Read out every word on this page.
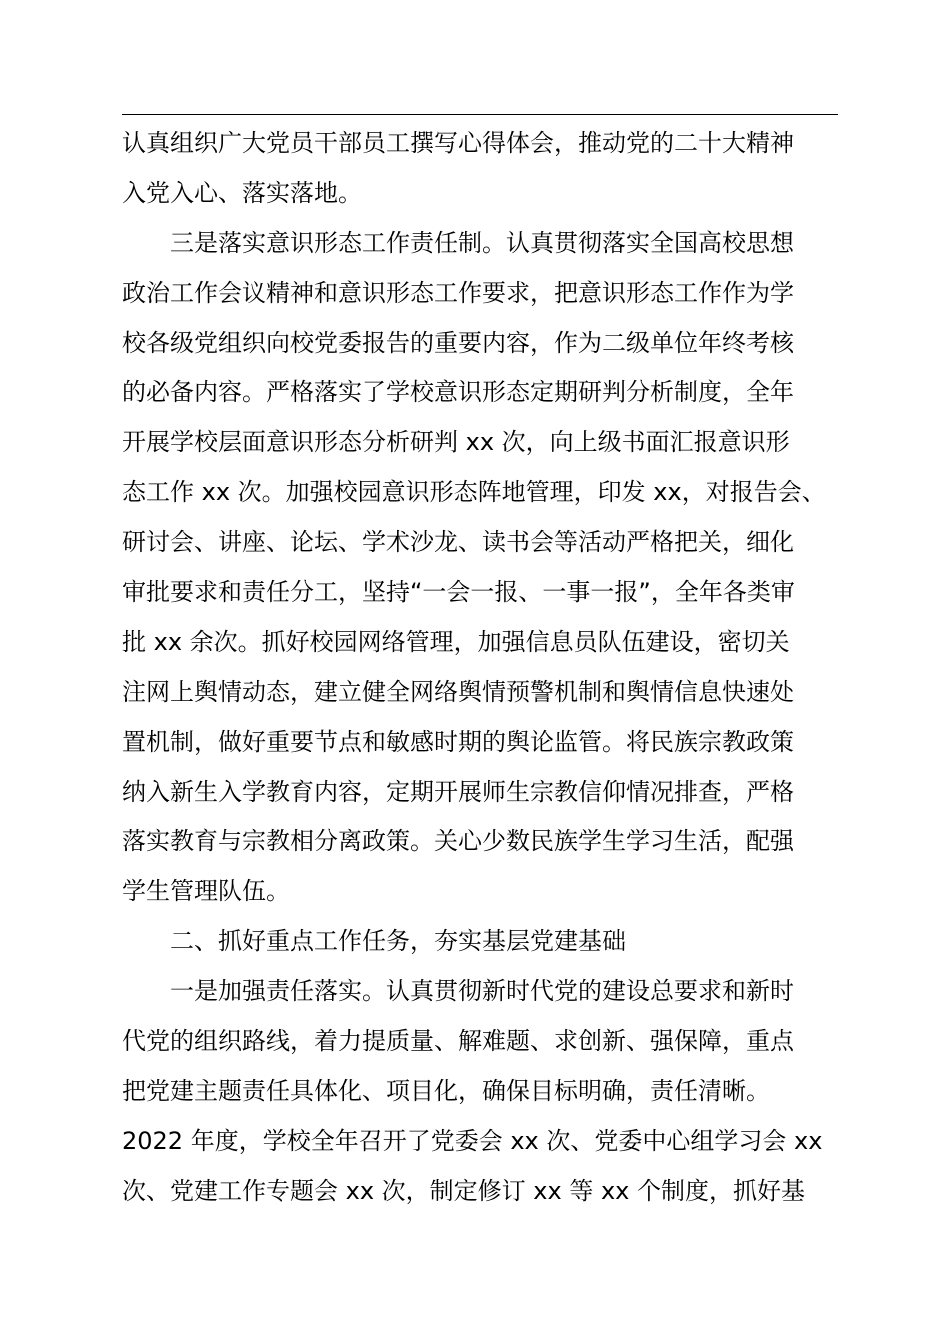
认真组织广大党员干部员工撰写心得体会，推动党的二十大精神
入党入心、落实落地。
三是落实意识形态工作责任制。认真贯彻落实全国高校思想
政治工作会议精神和意识形态工作要求，把意识形态工作作为学
校各级党组织向校党委报告的重要内容，作为二级单位年终考核
的必备内容。严格落实了学校意识形态定期研判分析制度，全年
开展学校层面意识形态分析研判 xx 次，向上级书面汇报意识形
态工作 xx 次。加强校园意识形态阵地管理，印发 xx，对报告会、
研讨会、讲座、论坛、学术沙龙、读书会等活动严格把关，细化
审批要求和责任分工，坚持“一会一报、一事一报”，全年各类审
批 xx 余次。抓好校园网络管理，加强信息员队伍建设，密切关
注网上舆情动态，建立健全网络舆情预警机制和舆情信息快速处
置机制，做好重要节点和敏感时期的舆论监管。将民族宗教政策
纳入新生入学教育内容，定期开展师生宗教信仰情况排查，严格
落实教育与宗教相分离政策。关心少数民族学生学习生活，配强
学生管理队伍。
二、抓好重点工作任务，夯实基层党建基础
一是加强责任落实。认真贯彻新时代党的建设总要求和新时
代党的组织路线，着力提质量、解难题、求创新、强保障，重点
把党建主题责任具体化、项目化，确保目标明确，责任清晰。
2022 年度，学校全年召开了党委会 xx 次、党委中心组学习会 xx
次、党建工作专题会 xx 次，制定修订 xx 等 xx 个制度，抓好基
